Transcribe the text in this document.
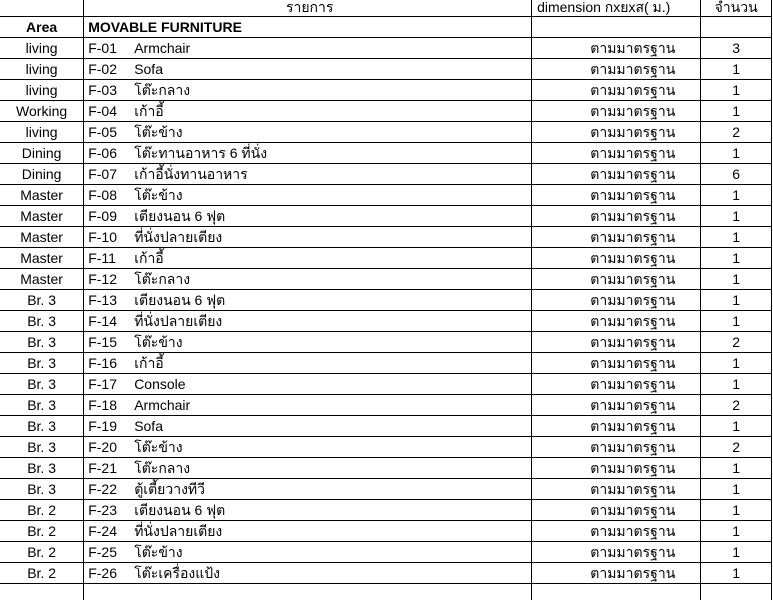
	รายการ	dimension กxยxส( ม.)	จำนวน
Area	MOVABLE FURNITURE		
living	F-01 Armchair	ตามมาตรฐาน	3
living	F-02 Sofa	ตามมาตรฐาน	1
living	F-03 โต๊ะกลาง	ตามมาตรฐาน	1
Working	F-04 เก้าอี้	ตามมาตรฐาน	1
living	F-05 โต๊ะข้าง	ตามมาตรฐาน	2
Dining	F-06 โต๊ะทานอาหาร 6 ที่นั่ง	ตามมาตรฐาน	1
Dining	F-07 เก้าอี้นั่งทานอาหาร	ตามมาตรฐาน	6
Master	F-08 โต๊ะข้าง	ตามมาตรฐาน	1
Master	F-09 เตียงนอน 6 ฟุต	ตามมาตรฐาน	1
Master	F-10 ที่นั่งปลายเตียง	ตามมาตรฐาน	1
Master	F-11 เก้าอี้	ตามมาตรฐาน	1
Master	F-12 โต๊ะกลาง	ตามมาตรฐาน	1
Br. 3	F-13 เตียงนอน 6 ฟุต	ตามมาตรฐาน	1
Br. 3	F-14 ที่นั่งปลายเตียง	ตามมาตรฐาน	1
Br. 3	F-15 โต๊ะข้าง	ตามมาตรฐาน	2
Br. 3	F-16 เก้าอี้	ตามมาตรฐาน	1
Br. 3	F-17 Console	ตามมาตรฐาน	1
Br. 3	F-18 Armchair	ตามมาตรฐาน	2
Br. 3	F-19 Sofa	ตามมาตรฐาน	1
Br. 3	F-20 โต๊ะข้าง	ตามมาตรฐาน	2
Br. 3	F-21 โต๊ะกลาง	ตามมาตรฐาน	1
Br. 3	F-22 ตู้เตี้ยวางทีวี	ตามมาตรฐาน	1
Br. 2	F-23 เตียงนอน 6 ฟุต	ตามมาตรฐาน	1
Br. 2	F-24 ที่นั่งปลายเตียง	ตามมาตรฐาน	1
Br. 2	F-25 โต๊ะข้าง	ตามมาตรฐาน	1
Br. 2	F-26 โต๊ะเครื่องแป้ง	ตามมาตรฐาน	1
